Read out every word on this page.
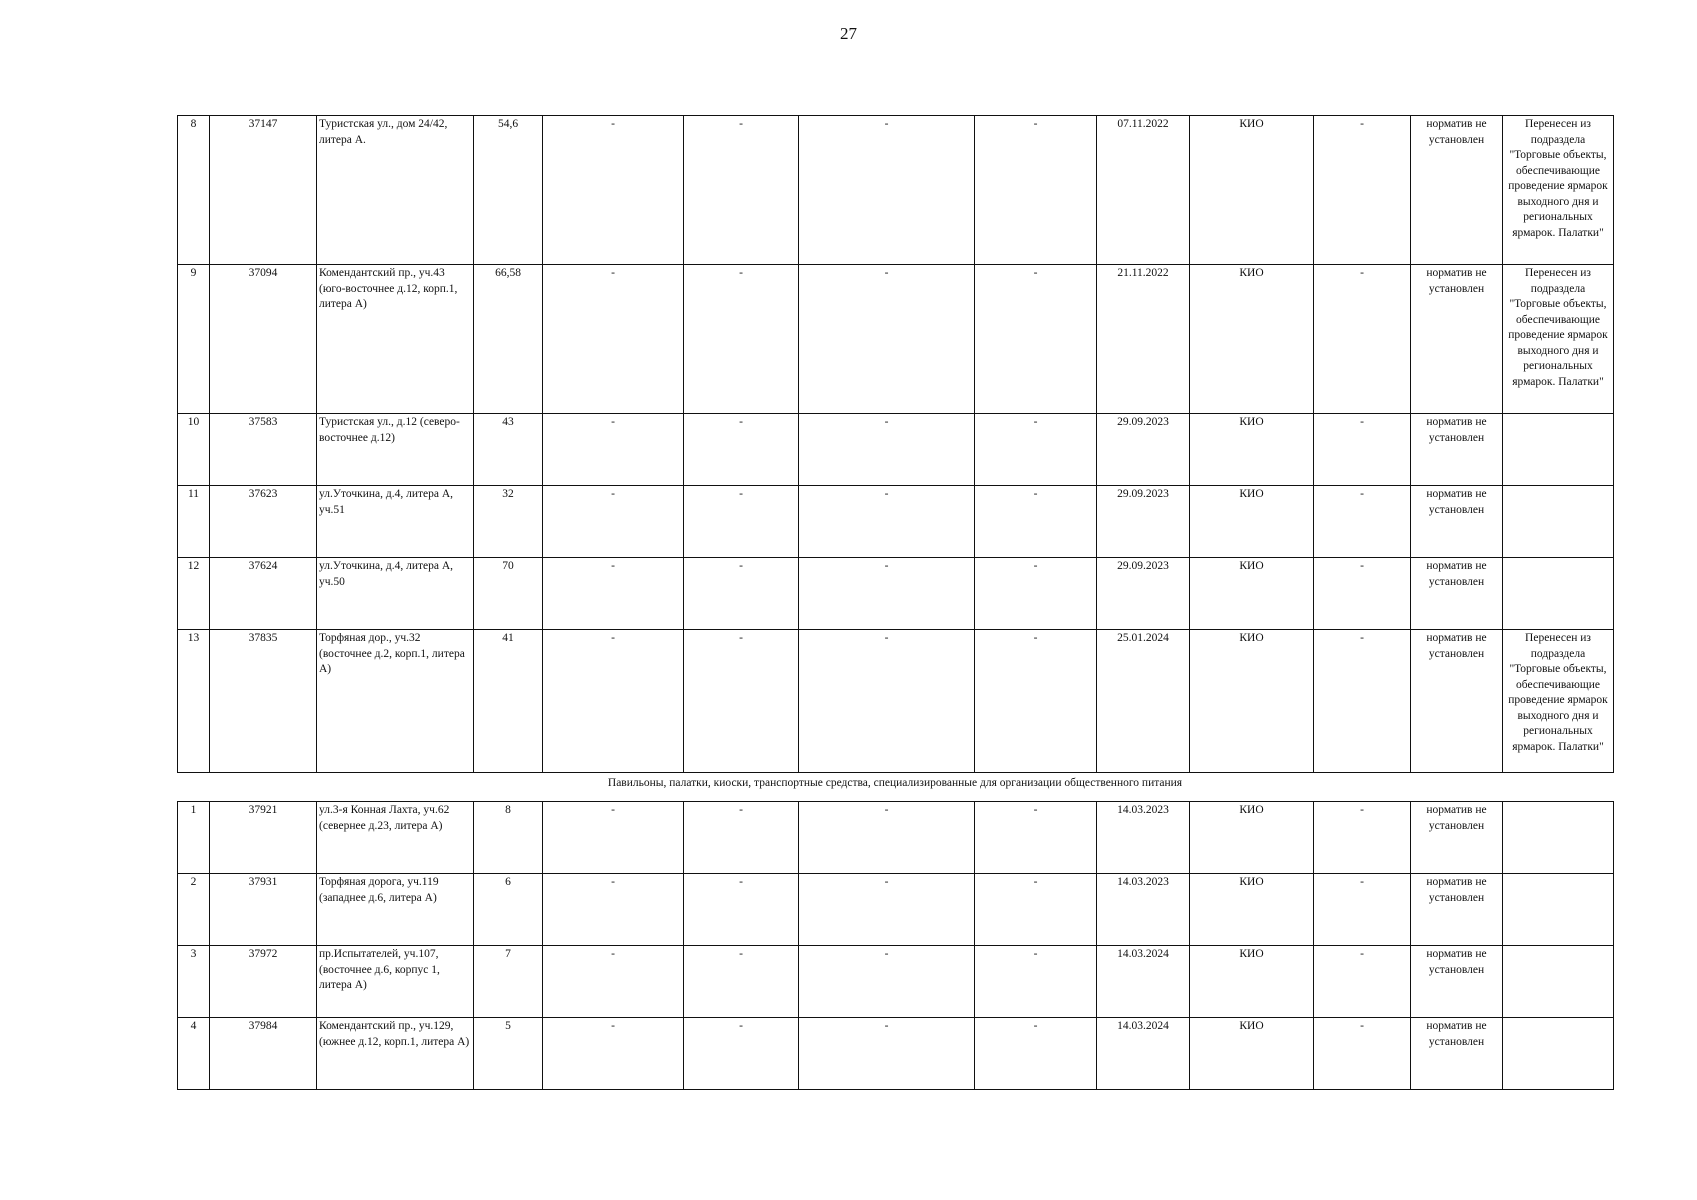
27
8	37147	Туристская ул., дом 24/42, литера А.	54,6	-	-	-	-	07.11.2022	КИО	-	норматив не установлен	Перенесен из подраздела "Торговые объекты, обеспечивающие проведение ярмарок выходного дня и региональных ярмарок. Палатки"
9	37094	Комендантский пр., уч.43 (юго-восточнее д.12, корп.1, литера А)	66,58	-	-	-	-	21.11.2022	КИО	-	норматив не установлен	Перенесен из подраздела "Торговые объекты, обеспечивающие проведение ярмарок выходного дня и региональных ярмарок. Палатки"
10	37583	Туристская ул., д.12 (северо-восточнее д.12)	43	-	-	-	-	29.09.2023	КИО	-	норматив не установлен	
11	37623	ул.Уточкина, д.4, литера А, уч.51	32	-	-	-	-	29.09.2023	КИО	-	норматив не установлен	
12	37624	ул.Уточкина, д.4, литера А, уч.50	70	-	-	-	-	29.09.2023	КИО	-	норматив не установлен	
13	37835	Торфяная дор., уч.32 (восточнее д.2, корп.1, литера А)	41	-	-	-	-	25.01.2024	КИО	-	норматив не установлен	Перенесен из подраздела "Торговые объекты, обеспечивающие проведение ярмарок выходного дня и региональных ярмарок. Палатки"
Павильоны, палатки, киоски, транспортные средства, специализированные для организации общественного питания
1	37921	ул.3-я Конная Лахта, уч.62 (севернее д.23, литера А)	8	-	-	-	-	14.03.2023	КИО	-	норматив не установлен	
2	37931	Торфяная дорога, уч.119 (западнее д.6, литера А)	6	-	-	-	-	14.03.2023	КИО	-	норматив не установлен	
3	37972	пр.Испытателей, уч.107, (восточнее д.6, корпус 1, литера А)	7	-	-	-	-	14.03.2024	КИО	-	норматив не установлен	
4	37984	Комендантский пр., уч.129, (южнее д.12, корп.1, литера А)	5	-	-	-	-	14.03.2024	КИО	-	норматив не установлен	
